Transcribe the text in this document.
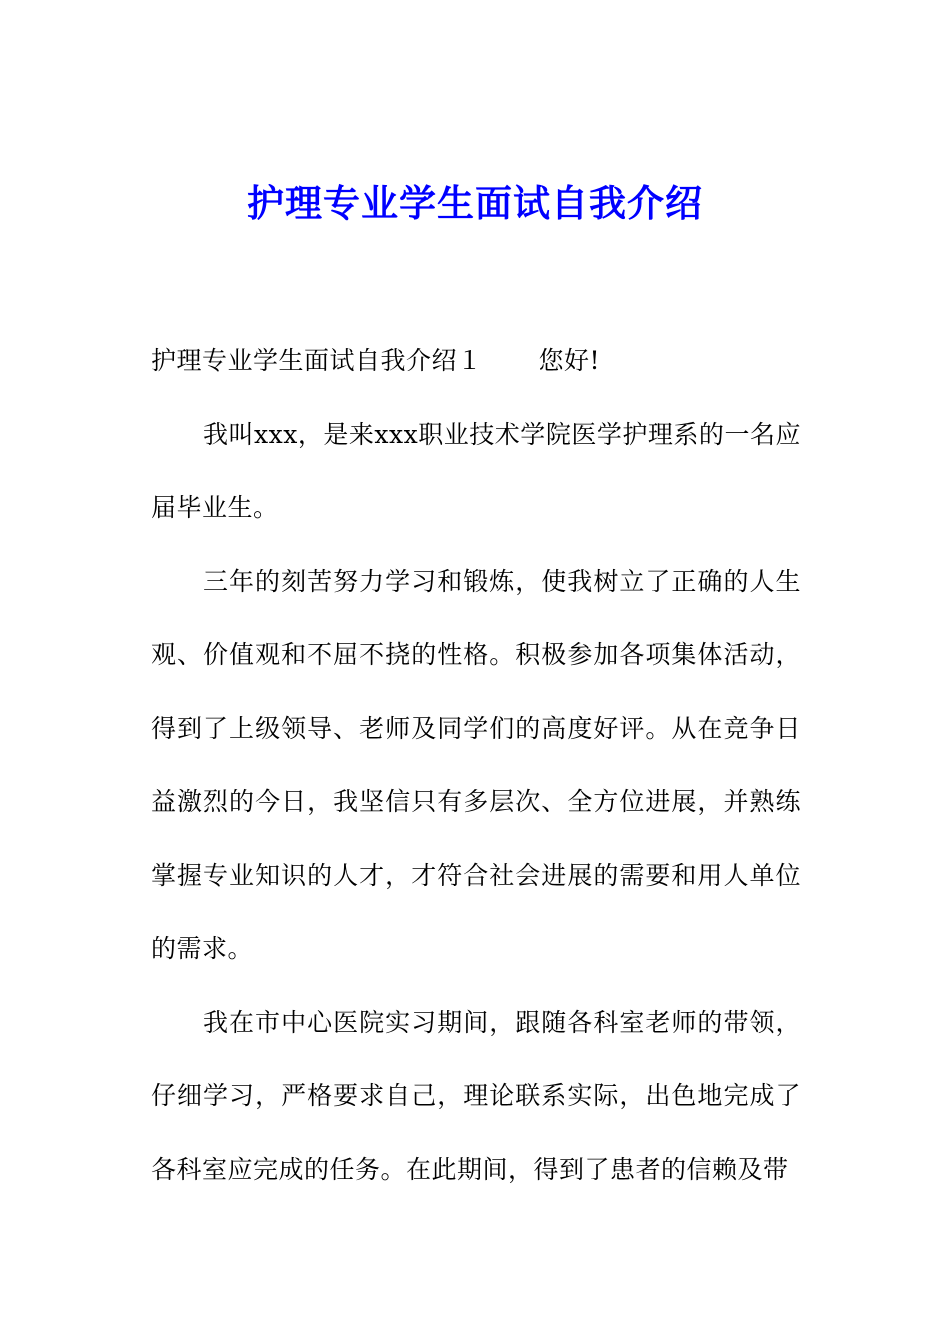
护理专业学生面试自我介绍

护理专业学生面试自我介绍１ 您好!

我叫xxx，是来xxx职业技术学院医学护理系的一名应届毕业生。

三年的刻苦努力学习和锻炼，使我树立了正确的人生观、价值观和不屈不挠的性格。积极参加各项集体活动，得到了上级领导、老师及同学们的高度好评。从在竞争日益激烈的今日，我坚信只有多层次、全方位进展，并熟练掌握专业知识的人才，才符合社会进展的需要和用人单位的需求。

我在市中心医院实习期间，跟随各科室老师的带领，仔细学习，严格要求自己，理论联系实际，出色地完成了各科室应完成的任务。在此期间，得到了患者的信赖及带
